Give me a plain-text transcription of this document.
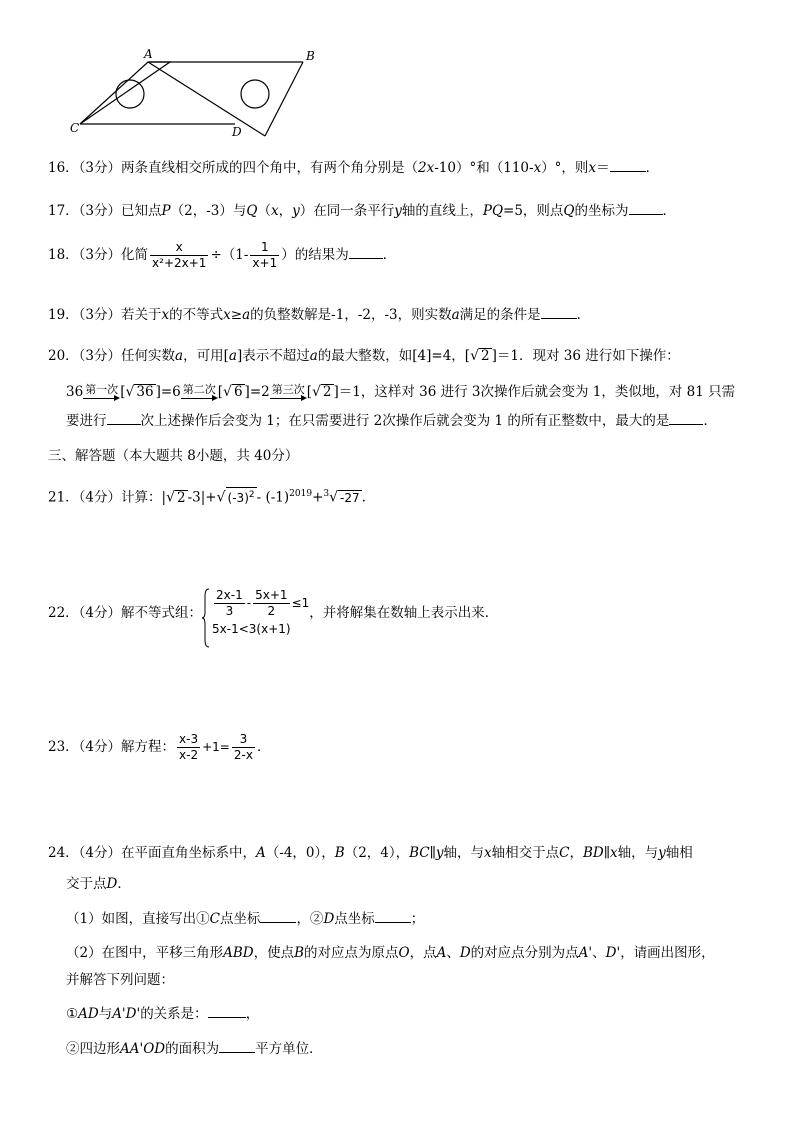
A	B
C	D
16．（3分）两条直线相交所成的四个角中，有两个角分别是（2x-10）°和（110-x）°，则x＝	．
17．（3分）已知点P（2，-3）与Q（x，y）在同一条平行y轴的直线上，PQ=5，则点Q的坐标为	．
18．（3分）化简 $\frac{x}{\text{x²+2x+1}} \div(1- \frac{1}{x+1}$ ）的结果为	．
19．（3分）若关于x的不等式x≥a的负整数解是-1，-2，-3，则实数a满足的条件是	．
20．（3分）任何实数a，可用[a]表示不超过a的最大整数，如[4]=4，[√ 2 ]＝1．现对 36 进行如下操作：
36 第一次 [√ 36 ]=6 第二次 [√ 6 ]=2 第三次 [√ 2 ]＝1，这样对 36 进行 3次操作后就会变为 1，类似地，对 81 只需
要进行	次上述操作后会变为 1；在只需要进行 2次操作后就会变为 1 的所有正整数中，最大的是	．
三、解答题（本大题共 8小题，共 40分）
21．（4分）计算：|√ 2 -3|+√ $(-3)^2 - (-1)^{2019}+^3√$ -27 .
22．（4分）解不等式组： $\frac{2x-1}{3} - \frac{5x+1}{2} \le 1$
5x-1<3(x+1)
，并将解集在数轴上表示出来．
23．（4分）解方程： $\frac{x-3}{x-2} +1= \frac{3}{2-x}$ ．
24．（4分）在平面直角坐标系中，A（-4，0），B（2，4），BC∥y轴，与x轴相交于点C，BD∥x轴，与y轴相
交于点D．
（1）如图，直接写出①C点坐标	，②D点坐标	；
（2）在图中，平移三角形ABD，使点B的对应点为原点O，点A、D的对应点分别为点A'、D'，请画出图形，
并解答下列问题：
①AD与A'D'的关系是：	，
②四边形AA'OD的面积为	平方单位．
